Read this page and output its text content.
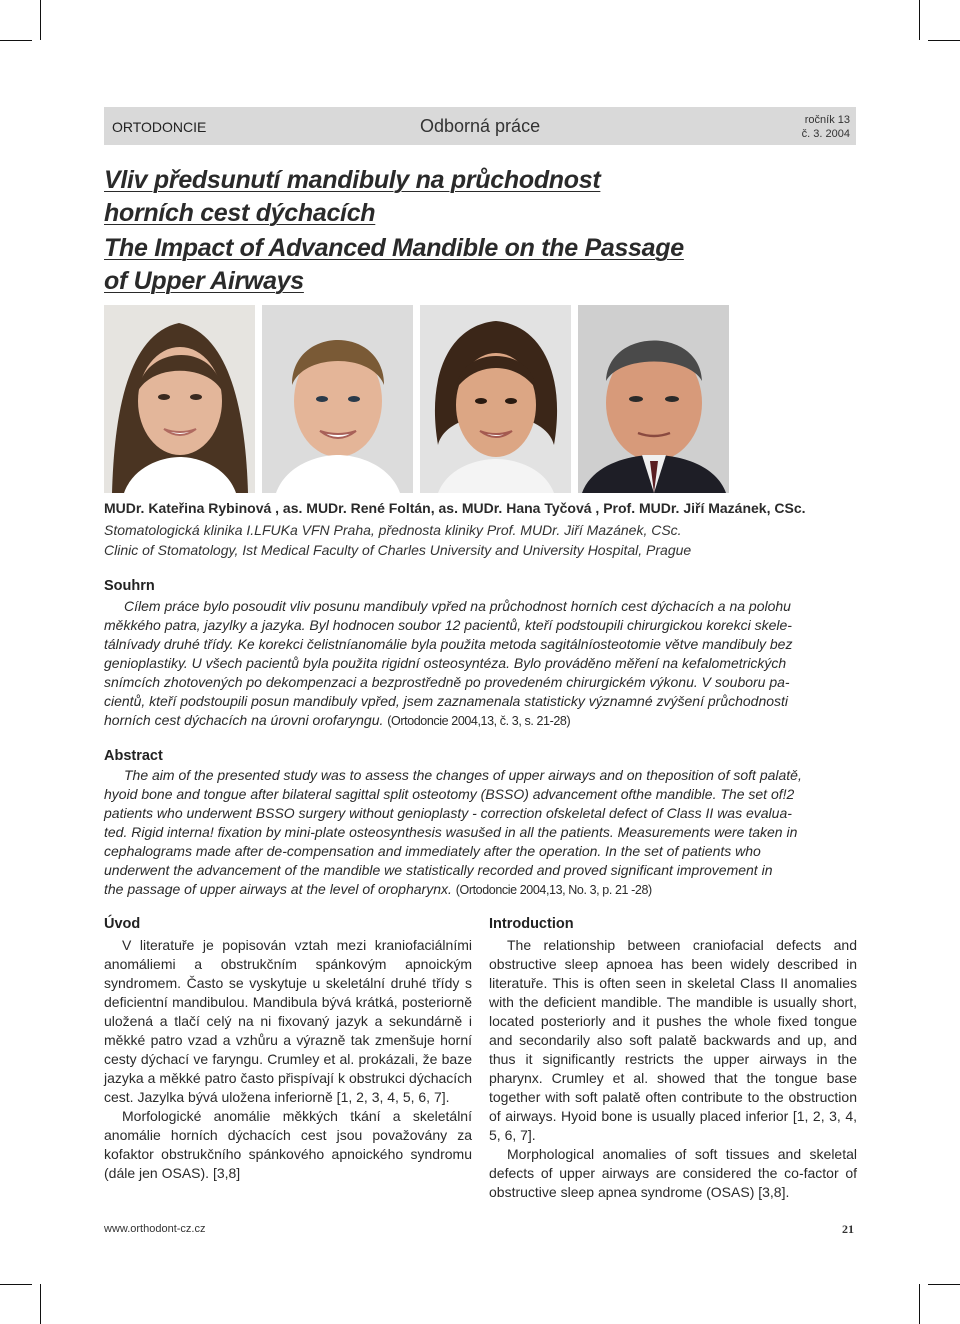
ORTODONCIE	Odborná práce	ročník 13
č. 3. 2004
Vliv předsunutí mandibuly na průchodnost
horních cest dýchacích
The Impact of Advanced Mandible on the Passage
of Upper Airways
MUDr. Kateřina Rybinová , as. MUDr. René Foltán, as. MUDr. Hana Tyčová , Prof. MUDr. Jiří Mazánek, CSc.
Stomatologická klinika I.LFUKa VFN Praha, přednosta kliniky Prof. MUDr. Jiří Mazánek, CSc.
Clinic of Stomatology, Ist Medical Faculty of Charles University and University Hospital, Prague
Souhrn
Cílem práce bylo posoudit vliv posunu mandibuly vpřed na průchodnost horních cest dýchacích a na polohu
měkkého patra, jazylky a jazyka. Byl hodnocen soubor 12 pacientů, kteří podstoupili chirurgickou korekci skele-
tálnívady druhé třídy. Ke korekci čelistníanomálie byla použita metoda sagitálníosteotomie větve mandibuly bez
genioplastiky. U všech pacientů byla použita rigidní osteosyntéza. Bylo prováděno měření na kefalometrických
snímcích zhotovených po dekompenzaci a bezprostředně po provedeném chirurgickém výkonu. V souboru pa-
cientů, kteří podstoupili posun mandibuly vpřed, jsem zaznamenala statisticky významné zvýšení průchodnosti
horních cest dýchacích na úrovni orofaryngu. (Ortodoncie 2004,13, č. 3, s. 21-28)
Abstract
The aim of the presented study was to assess the changes of upper airways and on theposition of soft palatě,
hyoid bone and tongue after bilateral sagittal split osteotomy (BSSO) advancement ofthe mandible. The set of!2
patients who underwent BSSO surgery without genioplasty - correction ofskeletal defect of Class II was evalua-
ted. Rigid interna! fixation by mini-plate osteosynthesis wasušed in all the patients. Measurements were taken in
cephalograms made after de-compensation and immediately after the operation. In the set of patients who
underwent the advancement of the mandible we statistically recorded and proved significant improvement in
the passage of upper airways at the level of oropharynx. (Ortodoncie 2004,13, No. 3, p. 21 -28)
Úvod

V literatuře je popisován vztah mezi kraniofaciálními anomáliemi a obstrukčním spánkovým apnoickým syndromem. Často se vyskytuje u skeletální druhé třídy s deficientní mandibulou. Mandibula bývá krátká, posteriorně uložená a tlačí celý na ni fixovaný jazyk a sekundárně i měkké patro vzad a vzhůru a výrazně tak zmenšuje horní cesty dýchací ve faryngu. Crumley et al. prokázali, že baze jazyka a měkké patro často přispívají k obstrukci dýchacích cest. Jazylka bývá uložena inferiorně [1, 2, 3, 4, 5, 6, 7].

Morfologické anomálie měkkých tkání a skeletální anomálie horních dýchacích cest jsou považovány za kofaktor obstrukčního spánkového apnoického syndromu (dále jen OSAS). [3,8]

Introduction

The relationship between craniofacial defects and obstructive sleep apnoea has been widely described in literatuře. This is often seen in skeletal Class II anomalies with the deficient mandible. The mandible is usually short, located posteriorly and it pushes the whole fixed tongue and secondarily also soft palatě backwards and up, and thus it significantly restricts the upper airways in the pharynx. Crumley et al. showed that the tongue base together with soft palatě often contribute to the obstruction of airways. Hyoid bone is usually placed inferior [1, 2, 3, 4, 5, 6, 7].

Morphological anomalies of soft tissues and skeletal defects of upper airways are considered the co-factor of obstructive sleep apnea syndrome (OSAS) [3,8].

www.orthodont-cz.cz	21
